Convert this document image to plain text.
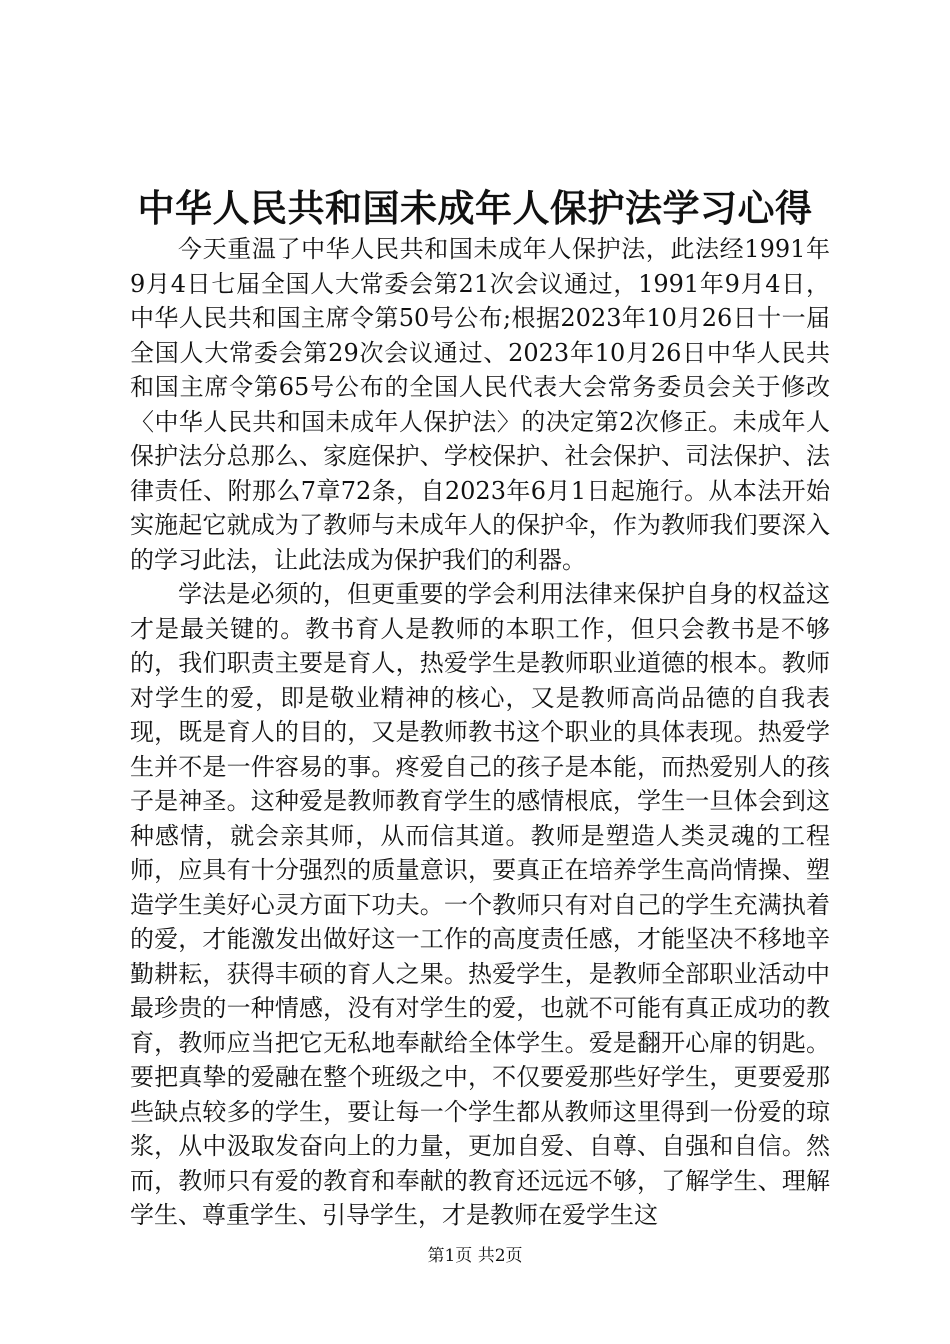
中华人民共和国未成年人保护法学习心得

今天重温了中华人民共和国未成年人保护法，此法经1991年9月4日七届全国人大常委会第21次会议通过，1991年9月4日，中华人民共和国主席令第50号公布;根据2023年10月26日十一届全国人大常委会第29次会议通过、2023年10月26日中华人民共和国主席令第65号公布的全国人民代表大会常务委员会关于修改〈中华人民共和国未成年人保护法〉的决定第2次修正。未成年人保护法分总那么、家庭保护、学校保护、社会保护、司法保护、法律责任、附那么7章72条，自2023年6月1日起施行。从本法开始实施起它就成为了教师与未成年人的保护伞，作为教师我们要深入的学习此法，让此法成为保护我们的利器。

学法是必须的，但更重要的学会利用法律来保护自身的权益这才是最关键的。教书育人是教师的本职工作，但只会教书是不够的，我们职责主要是育人，热爱学生是教师职业道德的根本。教师对学生的爱，即是敬业精神的核心，又是教师高尚品德的自我表现，既是育人的目的，又是教师教书这个职业的具体表现。热爱学生并不是一件容易的事。疼爱自己的孩子是本能，而热爱别人的孩子是神圣。这种爱是教师教育学生的感情根底，学生一旦体会到这种感情，就会亲其师，从而信其道。教师是塑造人类灵魂的工程师，应具有十分强烈的质量意识，要真正在培养学生高尚情操、塑造学生美好心灵方面下功夫。一个教师只有对自己的学生充满执着的爱，才能激发出做好这一工作的高度责任感，才能坚决不移地辛勤耕耘，获得丰硕的育人之果。热爱学生，是教师全部职业活动中最珍贵的一种情感，没有对学生的爱，也就不可能有真正成功的教育，教师应当把它无私地奉献给全体学生。爱是翻开心扉的钥匙。要把真挚的爱融在整个班级之中，不仅要爱那些好学生，更要爱那些缺点较多的学生，要让每一个学生都从教师这里得到一份爱的琼浆，从中汲取发奋向上的力量，更加自爱、自尊、自强和自信。然而，教师只有爱的教育和奉献的教育还远远不够，了解学生、理解学生、尊重学生、引导学生，才是教师在爱学生这

第1页 共2页
